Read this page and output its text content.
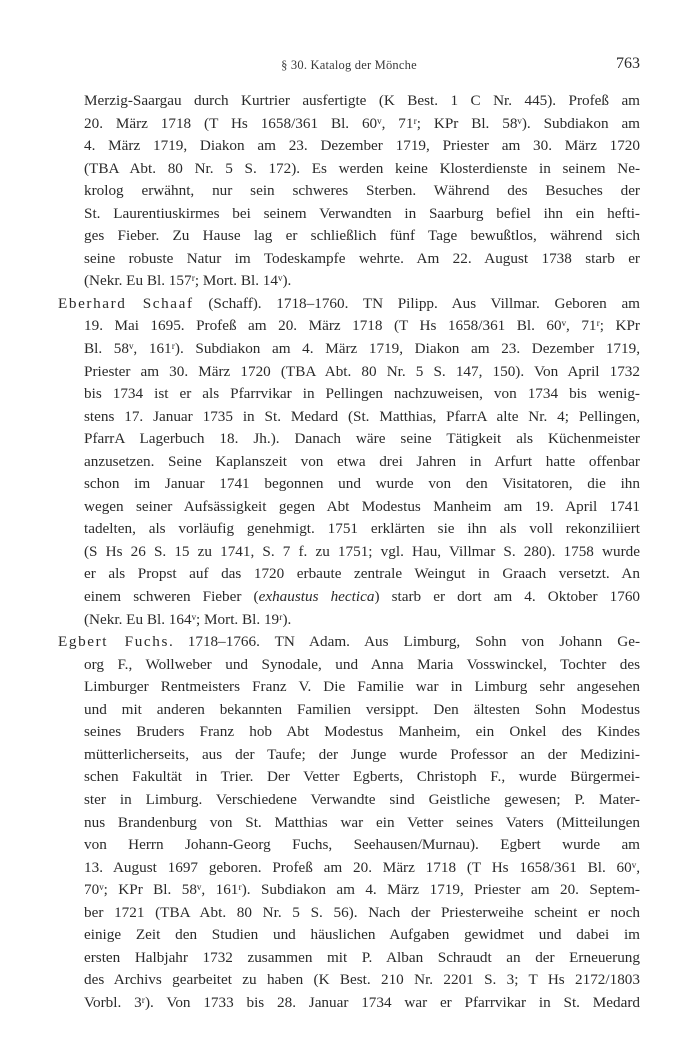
§ 30. Katalog der Mönche	763
Merzig-Saargau durch Kurtrier ausfertigte (K Best. 1 C Nr. 445). Profeß am
20. März 1718 (T Hs 1658/361 Bl. 60ᵛ, 71ʳ; KPr Bl. 58ᵛ). Subdiakon am
4. März 1719, Diakon am 23. Dezember 1719, Priester am 30. März 1720
(TBA Abt. 80 Nr. 5 S. 172). Es werden keine Klosterdienste in seinem Ne-
krolog erwähnt, nur sein schweres Sterben. Während des Besuches der
St. Laurentiuskirmes bei seinem Verwandten in Saarburg befiel ihn ein hefti-
ges Fieber. Zu Hause lag er schließlich fünf Tage bewußtlos, während sich
seine robuste Natur im Todeskampfe wehrte. Am 22. August 1738 starb er
(Nekr. Eu Bl. 157ʳ; Mort. Bl. 14ᵛ).
Eberhard Schaaf (Schaff). 1718–1760. TN Pilipp. Aus Villmar. Geboren am
19. Mai 1695. Profeß am 20. März 1718 (T Hs 1658/361 Bl. 60ᵛ, 71ʳ; KPr
Bl. 58ᵛ, 161ʳ). Subdiakon am 4. März 1719, Diakon am 23. Dezember 1719,
Priester am 30. März 1720 (TBA Abt. 80 Nr. 5 S. 147, 150). Von April 1732
bis 1734 ist er als Pfarrvikar in Pellingen nachzuweisen, von 1734 bis wenig-
stens 17. Januar 1735 in St. Medard (St. Matthias, PfarrA alte Nr. 4; Pellingen,
PfarrA Lagerbuch 18. Jh.). Danach wäre seine Tätigkeit als Küchenmeister
anzusetzen. Seine Kaplanszeit von etwa drei Jahren in Arfurt hatte offenbar
schon im Januar 1741 begonnen und wurde von den Visitatoren, die ihn
wegen seiner Aufsässigkeit gegen Abt Modestus Manheim am 19. April 1741
tadelten, als vorläufig genehmigt. 1751 erklärten sie ihn als voll rekonziliiert
(S Hs 26 S. 15 zu 1741, S. 7 f. zu 1751; vgl. Hau, Villmar S. 280). 1758 wurde
er als Propst auf das 1720 erbaute zentrale Weingut in Graach versetzt. An
einem schweren Fieber (exhaustus hectica) starb er dort am 4. Oktober 1760
(Nekr. Eu Bl. 164ᵛ; Mort. Bl. 19ʳ).
Egbert Fuchs. 1718–1766. TN Adam. Aus Limburg, Sohn von Johann Ge-
org F., Wollweber und Synodale, und Anna Maria Vosswinckel, Tochter des
Limburger Rentmeisters Franz V. Die Familie war in Limburg sehr angesehen
und mit anderen bekannten Familien versippt. Den ältesten Sohn Modestus
seines Bruders Franz hob Abt Modestus Manheim, ein Onkel des Kindes
mütterlicherseits, aus der Taufe; der Junge wurde Professor an der Medizini-
schen Fakultät in Trier. Der Vetter Egberts, Christoph F., wurde Bürgermei-
ster in Limburg. Verschiedene Verwandte sind Geistliche gewesen; P. Mater-
nus Brandenburg von St. Matthias war ein Vetter seines Vaters (Mitteilungen
von Herrn Johann-Georg Fuchs, Seehausen/Murnau). Egbert wurde am
13. August 1697 geboren. Profeß am 20. März 1718 (T Hs 1658/361 Bl. 60ᵛ,
70ᵛ; KPr Bl. 58ᵛ, 161ʳ). Subdiakon am 4. März 1719, Priester am 20. Septem-
ber 1721 (TBA Abt. 80 Nr. 5 S. 56). Nach der Priesterweihe scheint er noch
einige Zeit den Studien und häuslichen Aufgaben gewidmet und dabei im
ersten Halbjahr 1732 zusammen mit P. Alban Schraudt an der Erneuerung
des Archivs gearbeitet zu haben (K Best. 210 Nr. 2201 S. 3; T Hs 2172/1803
Vorbl. 3ʳ). Von 1733 bis 28. Januar 1734 war er Pfarrvikar in St. Medard
